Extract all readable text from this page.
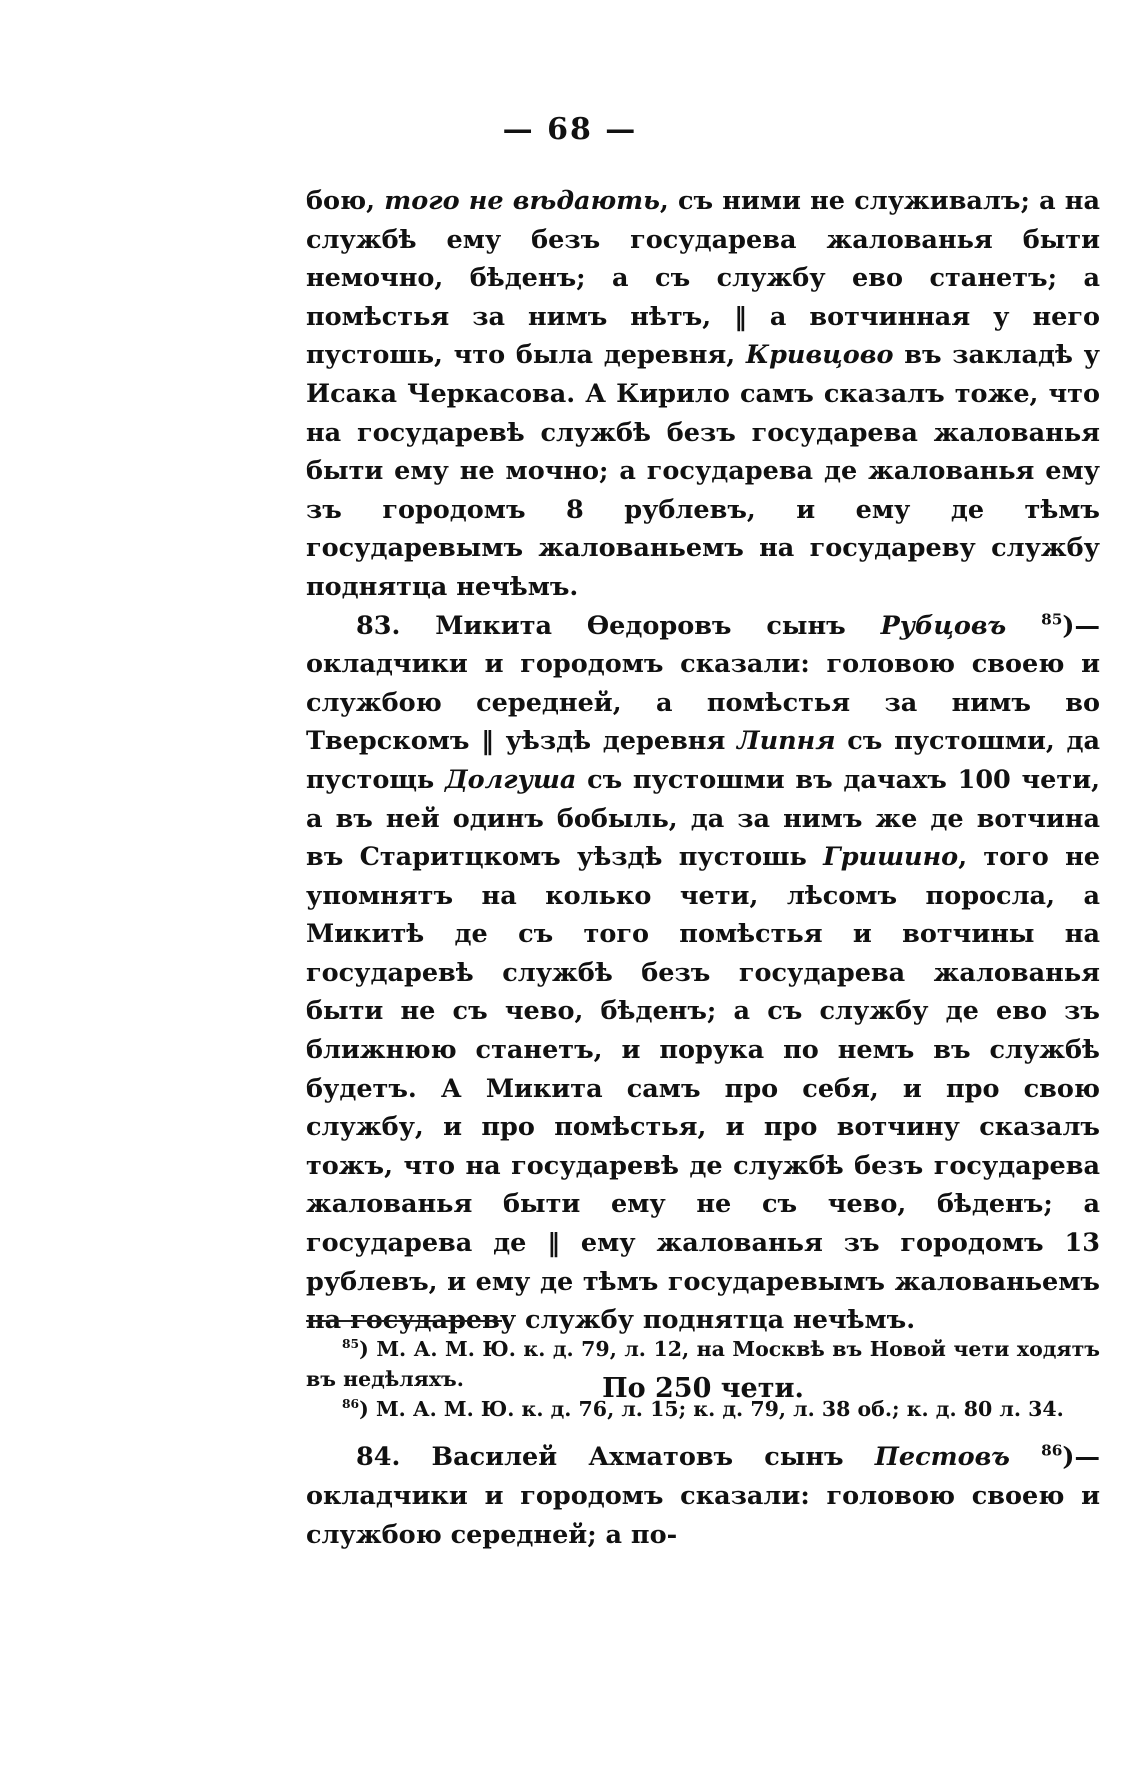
— 68 —

бою, того не вѣдають, съ ними не служивалъ; а на службѣ ему безъ государева жалованья быти немочно, бѣденъ; а съ службу ево станетъ; а помѣстья за нимъ нѣтъ, ‖ а вотчинная у него пустошь, что была деревня, Кривцово въ закладѣ у Исака Черкасова. А Кирило самъ сказалъ тоже, что на государевѣ службѣ безъ государева жалованья быти ему не мочно; а государева де жалованья ему зъ городомъ 8 рублевъ, и ему де тѣмъ государевымъ жалованьемъ на государеву службу поднятца нечѣмъ.

83. Микита Ѳедоровъ сынъ Рубцовъ $^{85}$)—окладчики и городомъ сказали: головою своею и службою середней, а помѣстья за нимъ во Тверскомъ ‖ уѣздѣ деревня Липня съ пустошми, да пустощь Долгуша съ пустошми въ дачахъ 100 чети, а въ ней одинъ бобыль, да за нимъ же де вотчина въ Старитцкомъ уѣздѣ пустошь Гришино, того не упомнятъ на колько чети, лѣсомъ поросла, а Микитѣ де съ того помѣстья и вотчины на государевѣ службѣ безъ государева жалованья быти не съ чево, бѣденъ; а съ службу де ево зъ ближнюю станетъ, и порука по немъ въ службѣ будетъ. А Микита самъ про себя, и про свою службу, и про помѣстья, и про вотчину сказалъ тожъ, что на государевѣ де службѣ безъ государева жалованья быти ему не съ чево, бѣденъ; а государева де ‖ ему жалованья зъ городомъ 13 рублевъ, и ему де тѣмъ государевымъ жалованьемъ на государеву службу поднятца нечѣмъ.

По 250 чети.

84. Василей Ахматовъ сынъ Пестовъ $^{86}$)—окладчики и городомъ сказали: головою своею и службою середней; а по-

$^{85}$) М. А. М. Ю. к. д. 79, л. 12, на Москвѣ въ Новой чети ходятъ въ недѣляхъ.

$^{86}$) М. А. М. Ю. к. д. 76, л. 15; к. д. 79, л. 38 об.; к. д. 80 л. 34.
